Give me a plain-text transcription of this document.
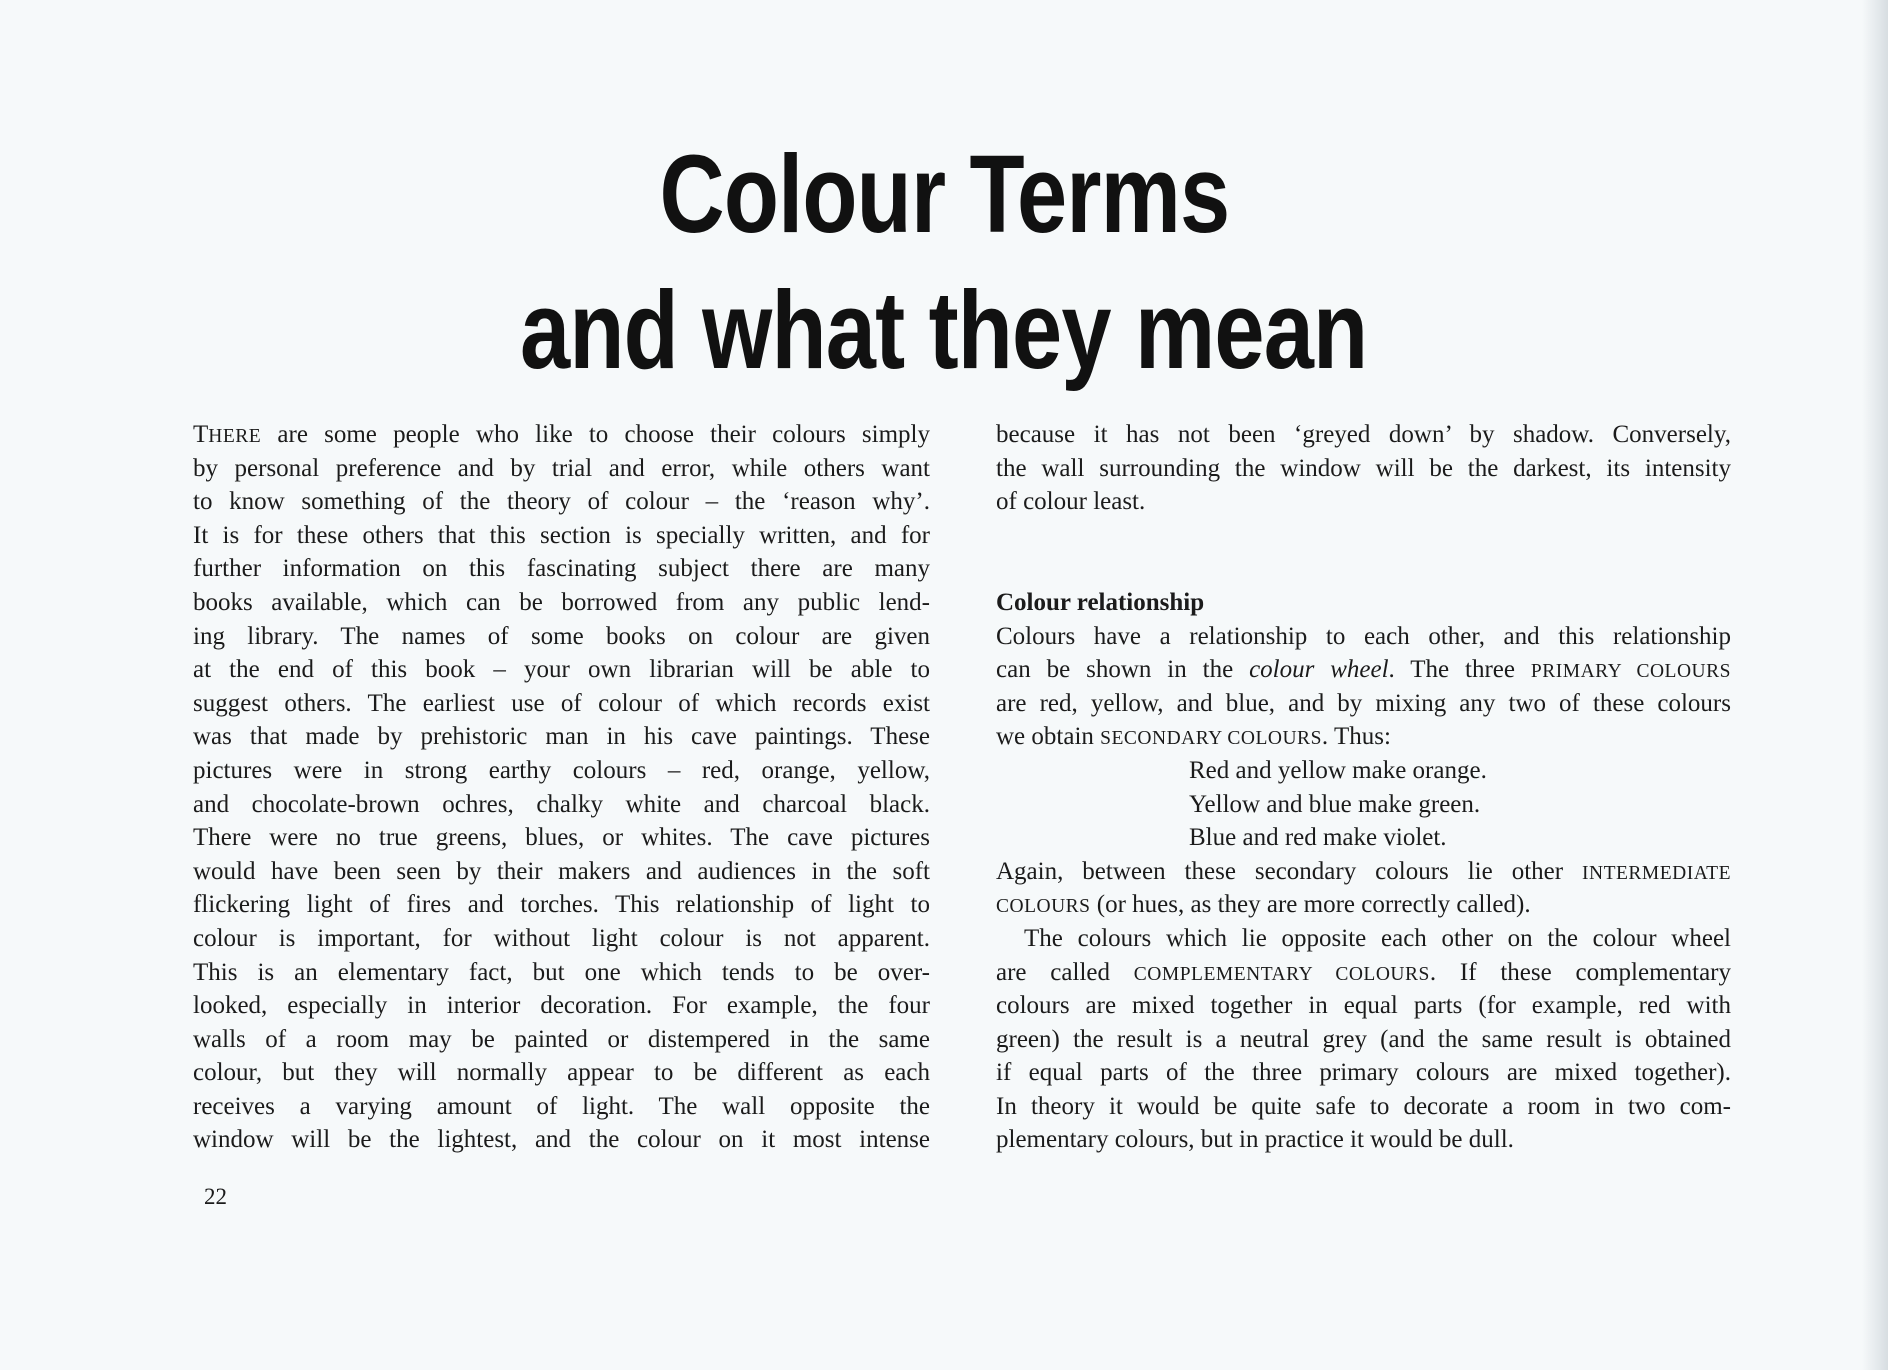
Colour Terms
and what they mean
THERE are some people who like to choose their colours simply
by personal preference and by trial and error, while others want
to know something of the theory of colour – the ‘reason why’.
It is for these others that this section is specially written, and for
further information on this fascinating subject there are many
books available, which can be borrowed from any public lend-
ing library. The names of some books on colour are given
at the end of this book – your own librarian will be able to
suggest others. The earliest use of colour of which records exist
was that made by prehistoric man in his cave paintings. These
pictures were in strong earthy colours – red, orange, yellow,
and chocolate-brown ochres, chalky white and charcoal black.
There were no true greens, blues, or whites. The cave pictures
would have been seen by their makers and audiences in the soft
flickering light of fires and torches. This relationship of light to
colour is important, for without light colour is not apparent.
This is an elementary fact, but one which tends to be over-
looked, especially in interior decoration. For example, the four
walls of a room may be painted or distempered in the same
colour, but they will normally appear to be different as each
receives a varying amount of light. The wall opposite the
window will be the lightest, and the colour on it most intense
because it has not been ‘greyed down’ by shadow. Conversely,
the wall surrounding the window will be the darkest, its intensity
of colour least.
Colour relationship
Colours have a relationship to each other, and this relationship
can be shown in the colour wheel. The three PRIMARY COLOURS
are red, yellow, and blue, and by mixing any two of these colours
we obtain SECONDARY COLOURS. Thus:
Red and yellow make orange.
Yellow and blue make green.
Blue and red make violet.
Again, between these secondary colours lie other INTERMEDIATE
COLOURS (or hues, as they are more correctly called).
The colours which lie opposite each other on the colour wheel
are called COMPLEMENTARY COLOURS. If these complementary
colours are mixed together in equal parts (for example, red with
green) the result is a neutral grey (and the same result is obtained
if equal parts of the three primary colours are mixed together).
In theory it would be quite safe to decorate a room in two com-
plementary colours, but in practice it would be dull.
22
